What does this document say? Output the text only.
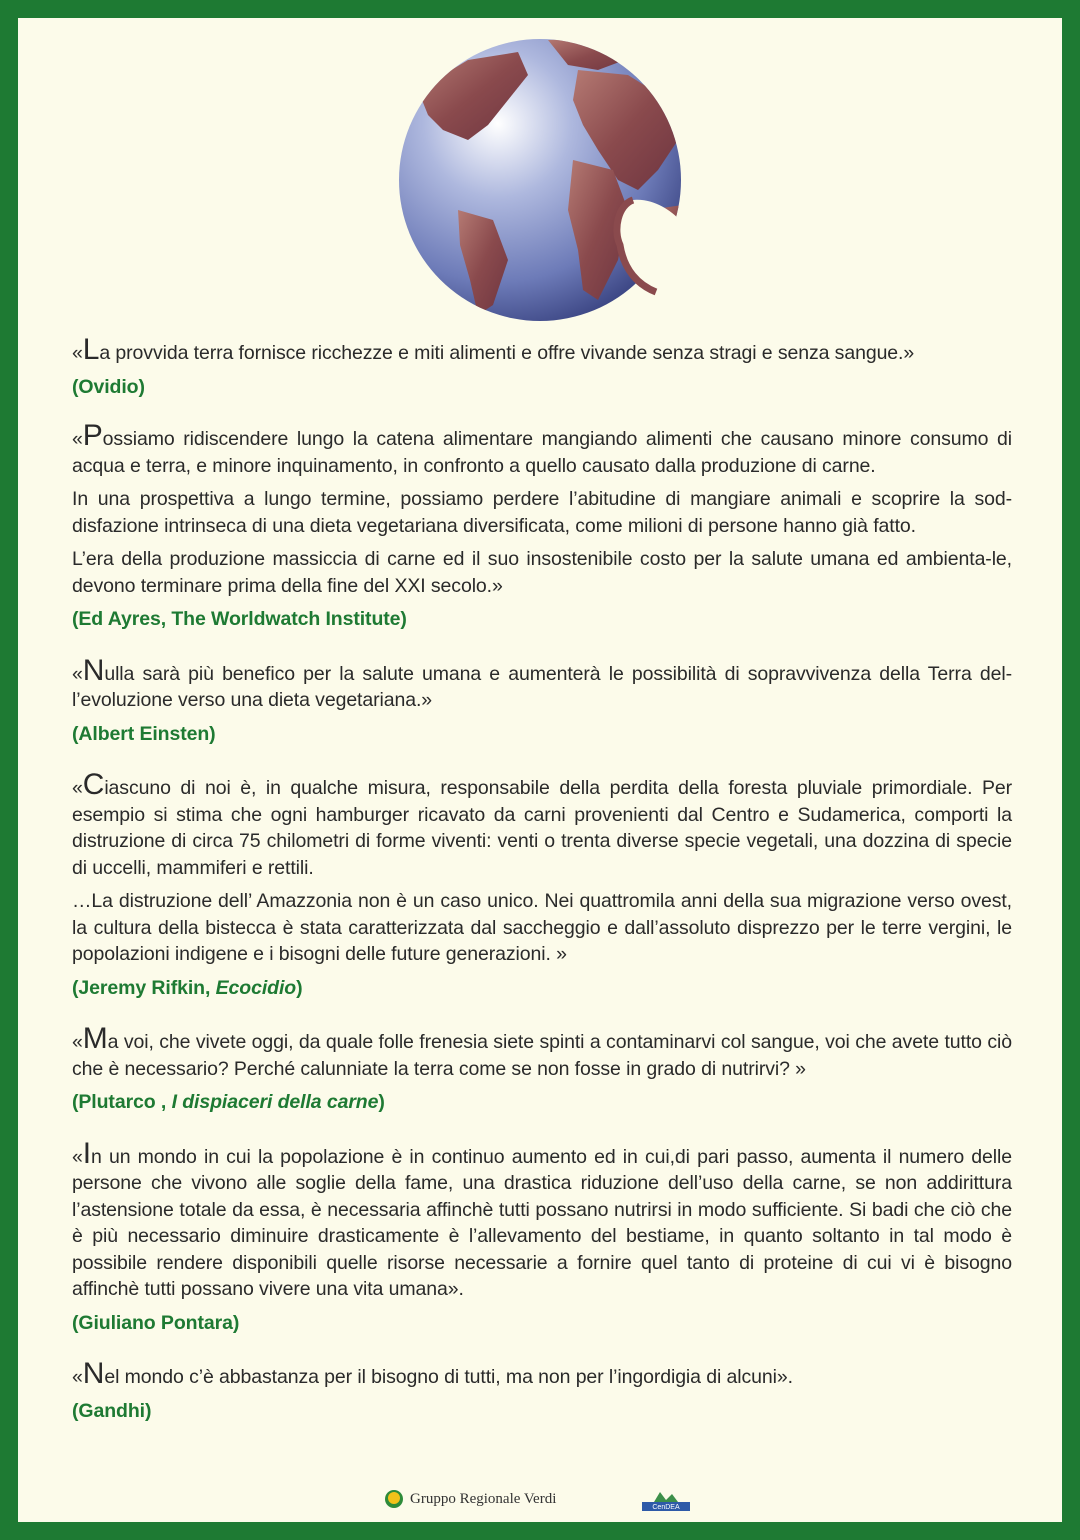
«La provvida terra fornisce ricchezze e miti alimenti e offre vivande senza stragi e senza sangue.»

(Ovidio)

«Possiamo ridiscendere lungo la catena alimentare mangiando alimenti che causano minore consumo di acqua e terra, e minore inquinamento, in confronto a quello causato dalla produzione di carne.

In una prospettiva a lungo termine, possiamo perdere l’abitudine di mangiare animali e scoprire la sod-disfazione intrinseca di una dieta vegetariana diversificata, come milioni di persone hanno già fatto.

L’era della produzione massiccia di carne ed il suo insostenibile costo per la salute umana ed ambienta-le, devono terminare prima della fine del XXI secolo.»

(Ed Ayres, The Worldwatch Institute)

«Nulla sarà più benefico per la salute umana e aumenterà le possibilità di sopravvivenza della Terra del-l’evoluzione verso una dieta vegetariana.»

(Albert Einsten)

«Ciascuno di noi è, in qualche misura, responsabile della perdita della foresta pluviale primordiale. Per esempio si stima che ogni hamburger ricavato da carni provenienti dal Centro e Sudamerica, comporti la distruzione di circa 75 chilometri di forme viventi: venti o trenta diverse specie vegetali, una dozzina di specie di uccelli, mammiferi e rettili.

…La distruzione dell’ Amazzonia non è un caso unico. Nei quattromila anni della sua migrazione verso ovest, la cultura della bistecca è stata caratterizzata dal saccheggio e dall’assoluto disprezzo per le terre vergini, le popolazioni indigene e i bisogni delle future generazioni. »

(Jeremy Rifkin, Ecocidio)

«Ma voi, che vivete oggi, da quale folle frenesia siete spinti a contaminarvi col sangue, voi che avete tutto ciò che è necessario? Perché calunniate la terra come se non fosse in grado di nutrirvi? »

(Plutarco , I dispiaceri della carne)

«In un mondo in cui la popolazione è in continuo aumento ed in cui,di pari passo, aumenta il numero delle persone che vivono alle soglie della fame, una drastica riduzione dell’uso della carne, se non addirittura l’astensione totale da essa, è necessaria affinchè tutti possano nutrirsi in modo sufficiente. Si badi che ciò che è più necessario diminuire drasticamente è l’allevamento del bestiame, in quanto soltanto in tal modo è possibile rendere disponibili quelle risorse necessarie a fornire quel tanto di proteine di cui vi è bisogno affinchè tutti possano vivere una vita umana».

(Giuliano Pontara)

«Nel mondo c’è abbastanza per il bisogno di tutti, ma non per l’ingordigia di alcuni».

(Gandhi)
Gruppo Regionale Verdi
CenDEA
